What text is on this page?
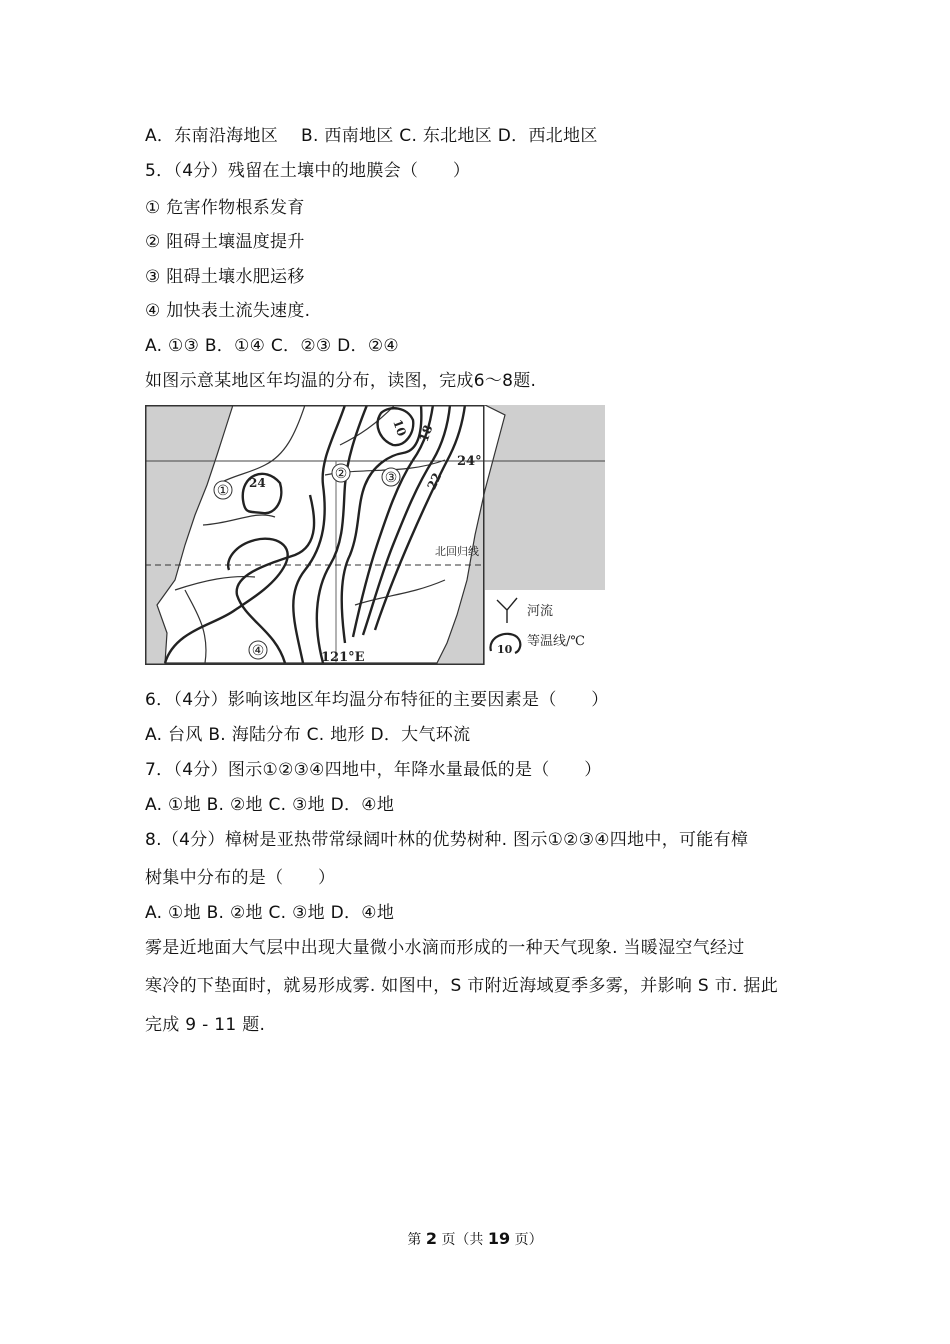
A．东南沿海地区　 B. 西南地区 C. 东北地区 D．西北地区
5．（4分）残留在土壤中的地膜会（　　）
① 危害作物根系发育
② 阻碍土壤温度提升
③ 阻碍土壤水肥运移
④ 加快表土流失速度.
A. ①③ B．①④ C．②③ D．②④
如图示意某地区年均温的分布，读图，完成6～8题.
①
②	③
④
24
10 18
22
24°
121°E
北回归线
河流
10
等温线/℃
6．（4分）影响该地区年均温分布特征的主要因素是（　　）
A. 台风 B. 海陆分布 C. 地形 D．大气环流
7．（4分）图示①②③④四地中，年降水量最低的是（　　）
A. ①地 B. ②地 C. ③地 D．④地
8.（4分）樟树是亚热带常绿阔叶林的优势树种. 图示①②③④四地中，可能有樟
树集中分布的是（　　）
A. ①地 B. ②地 C. ③地 D．④地
雾是近地面大气层中出现大量微小水滴而形成的一种天气现象. 当暖湿空气经过
寒冷的下垫面时，就易形成雾. 如图中，S 市附近海域夏季多雾，并影响 S 市. 据此
完成 9 - 11 题.
第 2 页（共 19 页）
